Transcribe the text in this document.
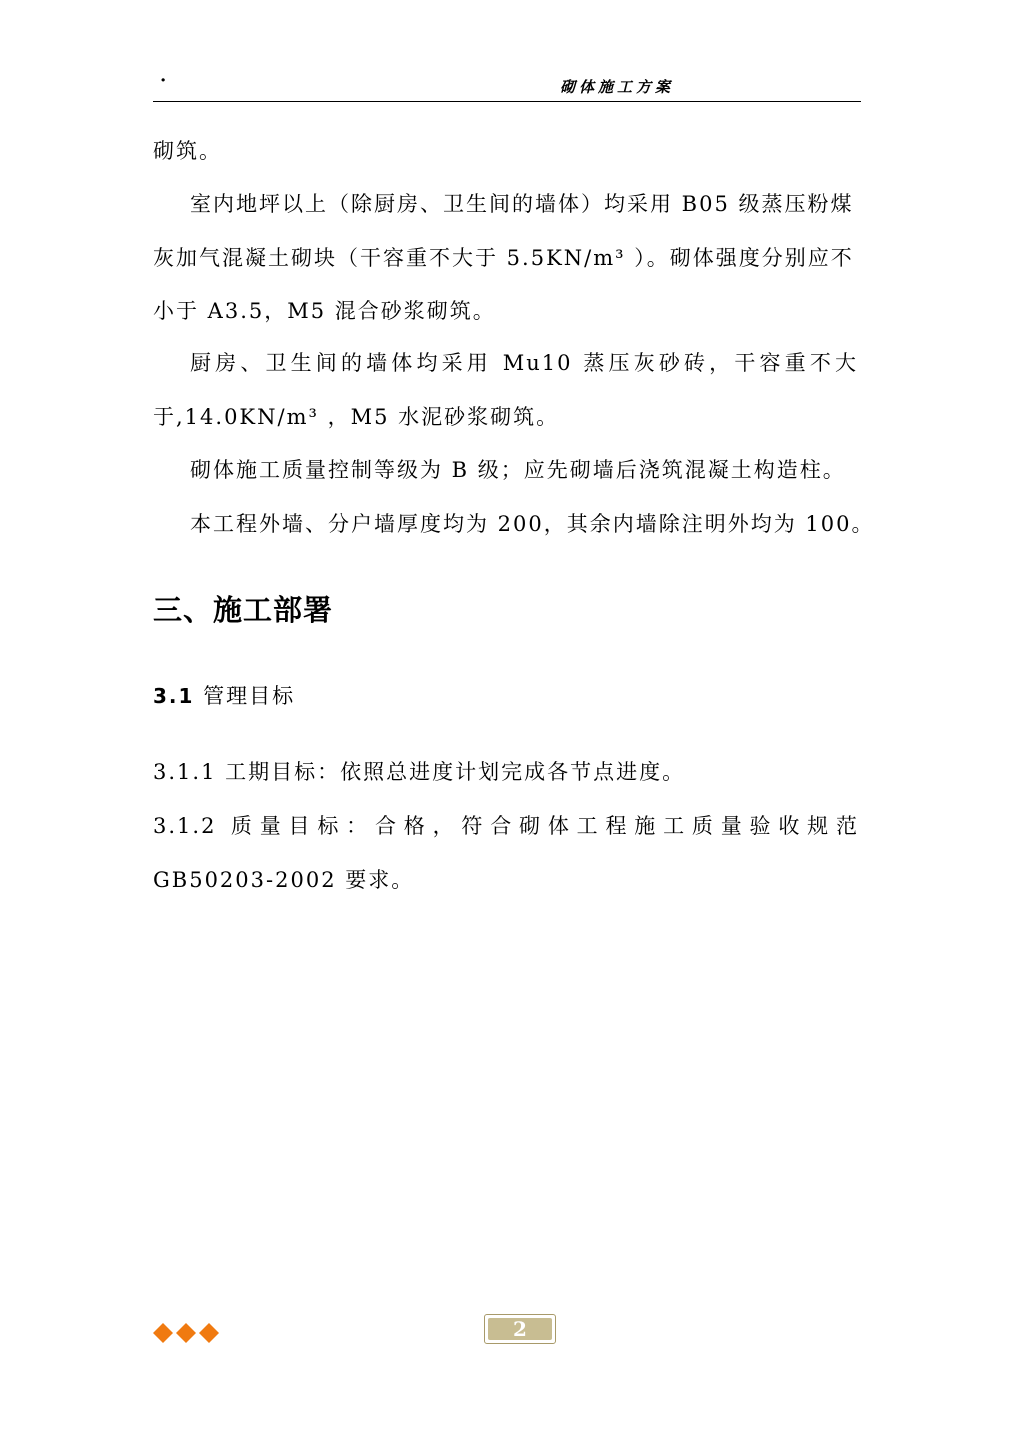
·	砌体施工方案
砌筑。
室内地坪以上（除厨房、卫生间的墙体）均采用 B05 级蒸压粉煤
灰加气混凝土砌块（干容重不大于 5.5KN/m³ ）。砌体强度分别应不
小于 A3.5，M5 混合砂浆砌筑。
厨房、卫生间的墙体均采用 Mu10 蒸压灰砂砖，干容重不大
于,14.0KN/m³ ，M5 水泥砂浆砌筑。
砌体施工质量控制等级为 B 级；应先砌墙后浇筑混凝土构造柱。
本工程外墙、分户墙厚度均为 200，其余内墙除注明外均为 100。
三、施工部署
3.1 管理目标
3.1.1 工期目标：依照总进度计划完成各节点进度。
3.1.2 质量目标：合格，符合砌体工程施工质量验收规范
GB50203-2002 要求。
2
